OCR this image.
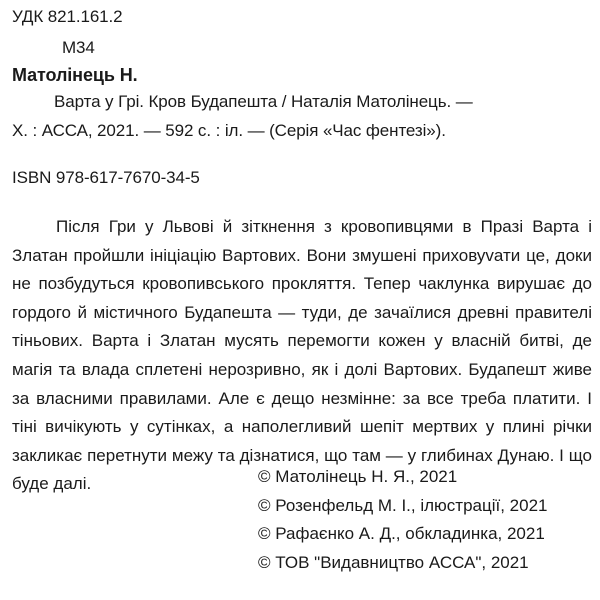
УДК 821.161.2
М34
Матолінець Н.
Варта у Грі. Кров Будапешта / Наталія Матолінець. —
Х. : АССА, 2021. — 592 с. : іл. — (Серія «Час фентезі»).
ISBN 978-617-7670-34-5

Після Гри у Львові й зіткнення з кровопивцями в Празі Варта і Златан пройшли ініціацію Вартових. Вони змушені приховуvати це, доки не позбудуться кровопивського прокляття. Тепер чаклунка вирушає до гордого й містичного Будапешта — туди, де зачаїлися древні правителі тіньових. Варта і Златан мусять перемогти кожен у власній битві, де магія та влада сплетені нерозривно, як і долі Вартових. Будапешт живе за власними правилами. Але є дещо незмінне: за все треба платити. І тіні вичікують у сутінках, а наполегливий шепіт мертвих у плині річки закликає перетнути межу та дізнатися, що там — у глибинах Дунаю. І що буде далі.	© Матолінець Н. Я., 2021
© Розенфельд М. І., ілюстрації, 2021
© Рафаєнко А. Д., обкладинка, 2021
© ТОВ "Видавництво АССА", 2021
